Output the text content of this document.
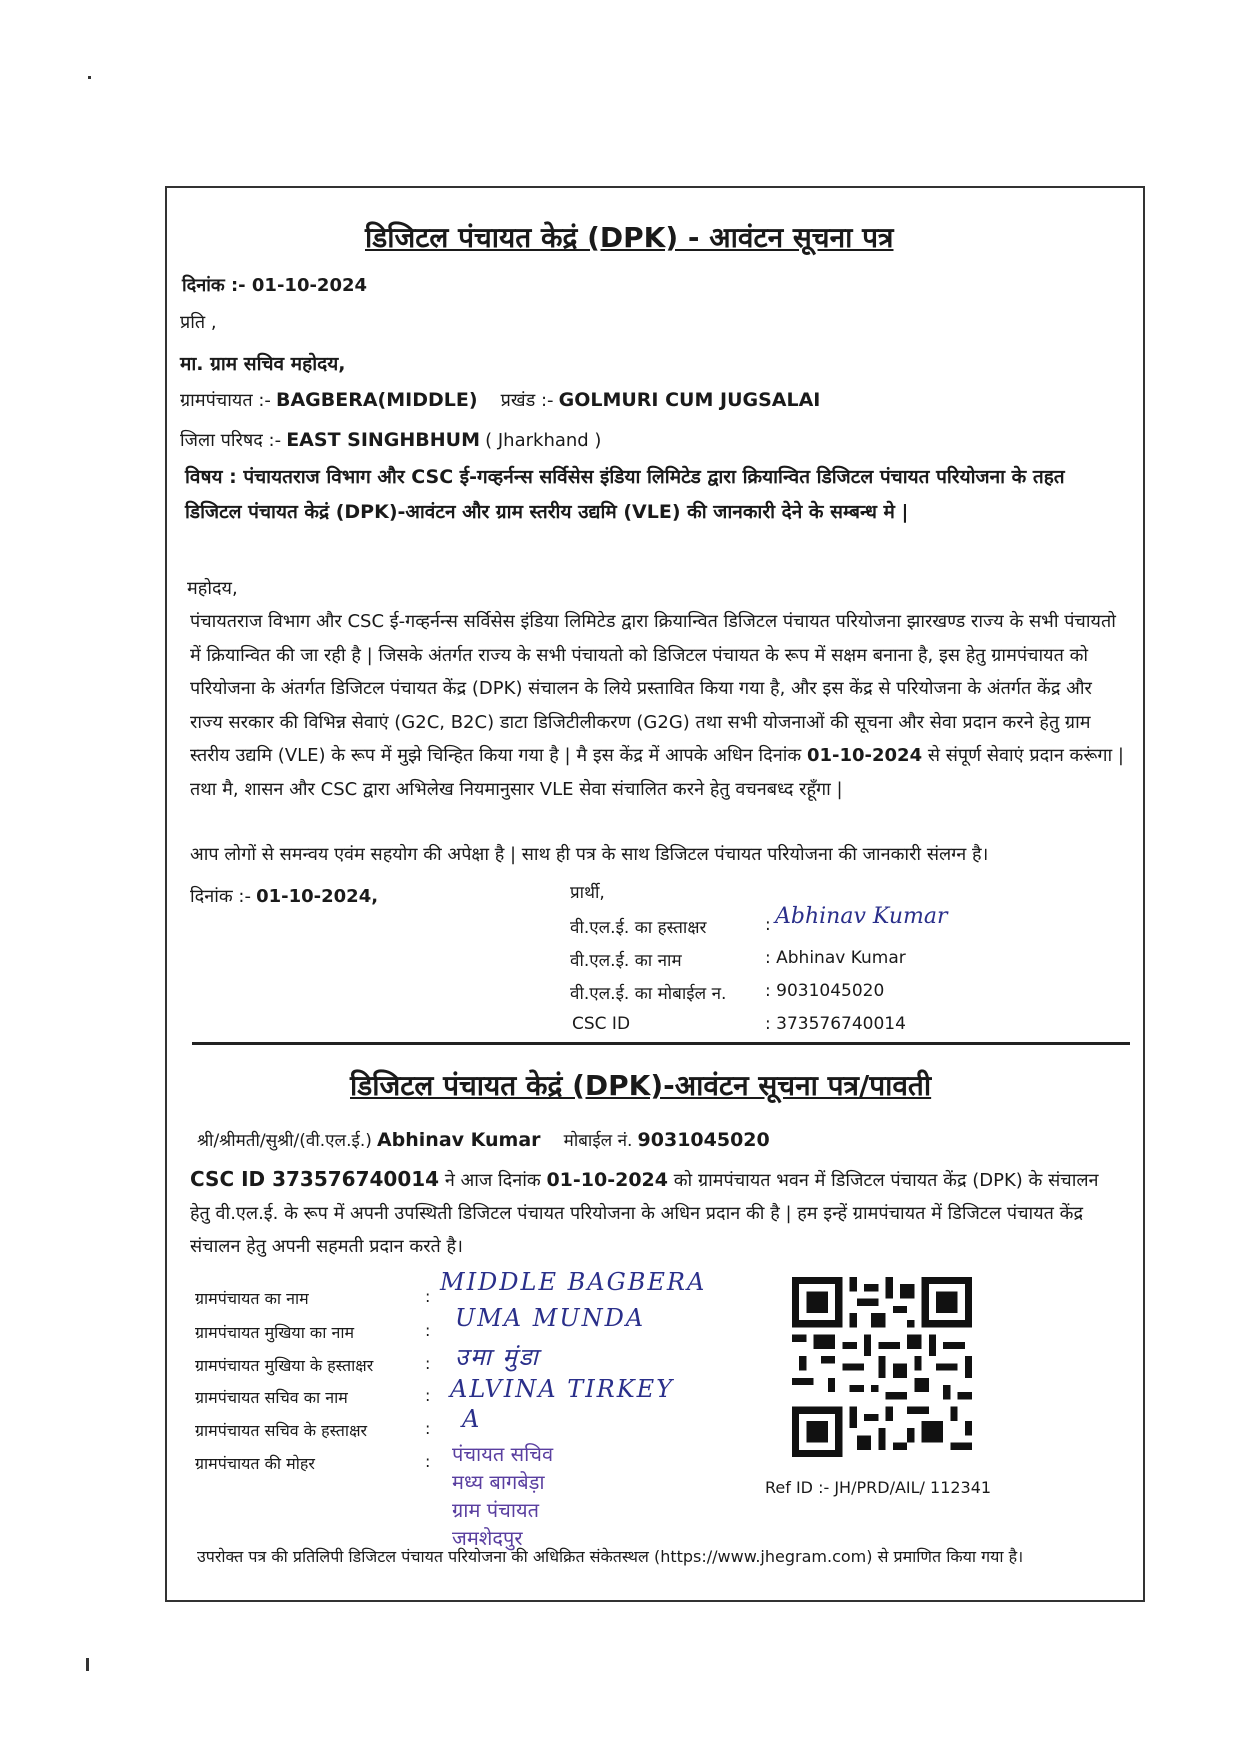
डिजिटल पंचायत केद्रं (DPK) - आवंटन सूचना पत्र
दिनांक :- 01-10-2024
प्रति ,
मा. ग्राम सचिव महोदय,
ग्रामपंचायत :- BAGBERA(MIDDLE) प्रखंड :- GOLMURI CUM JUGSALAI
जिला परिषद :- EAST SINGHBHUM ( Jharkhand )
विषय : पंचायतराज विभाग और CSC ई-गव्हर्नन्स सर्विसेस इंडिया लिमिटेड द्वारा क्रियान्वित डिजिटल पंचायत परियोजना के तहत डिजिटल पंचायत केद्रं (DPK)-आवंटन और ग्राम स्तरीय उद्यमि (VLE) की जानकारी देने के सम्बन्ध मे |
महोदय,
पंचायतराज विभाग और CSC ई-गव्हर्नन्स सर्विसेस इंडिया लिमिटेड द्वारा क्रियान्वित डिजिटल पंचायत परियोजना झारखण्ड राज्य के सभी पंचायतो में क्रियान्वित की जा रही है | जिसके अंतर्गत राज्य के सभी पंचायतो को डिजिटल पंचायत के रूप में सक्षम बनाना है, इस हेतु ग्रामपंचायत को परियोजना के अंतर्गत डिजिटल पंचायत केंद्र (DPK) संचालन के लिये प्रस्तावित किया गया है, और इस केंद्र से परियोजना के अंतर्गत केंद्र और राज्य सरकार की विभिन्न सेवाएं (G2C, B2C) डाटा डिजिटीलीकरण (G2G) तथा सभी योजनाओं की सूचना और सेवा प्रदान करने हेतु ग्राम स्तरीय उद्यमि (VLE) के रूप में मुझे चिन्हित किया गया है | मै इस केंद्र में आपके अधिन दिनांक 01-10-2024 से संपूर्ण सेवाएं प्रदान करूंगा | तथा मै, शासन और CSC द्वारा अभिलेख नियमानुसार VLE सेवा संचालित करने हेतु वचनबध्द रहूँगा |
आप लोगों से समन्वय एवंम सहयोग की अपेक्षा है | साथ ही पत्र के साथ डिजिटल पंचायत परियोजना की जानकारी संलग्न है।
दिनांक :- 01-10-2024,	प्रार्थी,
वी.एल.ई. का हस्ताक्षर	: Abhinav Kumar
वी.एल.ई. का नाम	: Abhinav Kumar
वी.एल.ई. का मोबाईल न. : 9031045020
CSC ID	: 373576740014
डिजिटल पंचायत केद्रं (DPK)-आवंटन सूचना पत्र/पावती
श्री/श्रीमती/सुश्री/(वी.एल.ई.) Abhinav Kumar मोबाईल नं. 9031045020
CSC ID 373576740014 ने आज दिनांक 01-10-2024 को ग्रामपंचायत भवन में डिजिटल पंचायत केंद्र (DPK) के संचालन हेतु वी.एल.ई. के रूप में अपनी उपस्थिती डिजिटल पंचायत परियोजना के अधिन प्रदान की है | हम इन्हें ग्रामपंचायत में डिजिटल पंचायत केंद्र संचालन हेतु अपनी सहमती प्रदान करते है।
ग्रामपंचायत का नाम	:
MIDDLE BAGBERA
ग्रामपंचायत मुखिया का नाम	: UMA MUNDA
ग्रामपंचायत मुखिया के हस्ताक्षर	: उमा मुंडा
ग्रामपंचायत सचिव का नाम	: ALVINA TIRKEY
ग्रामपंचायत सचिव के हस्ताक्षर	: A
ग्रामपंचायत की मोहर	: पंचायत सचिव
मध्य बागबेड़ा
ग्राम पंचायत
जमशेदपुर
Ref ID :- JH/PRD/AIL/ 112341
उपरोक्त पत्र की प्रतिलिपी डिजिटल पंचायत परियोजना की अधिक्रित संकेतस्थल (https://www.jhegram.com) से प्रमाणित किया गया है।
